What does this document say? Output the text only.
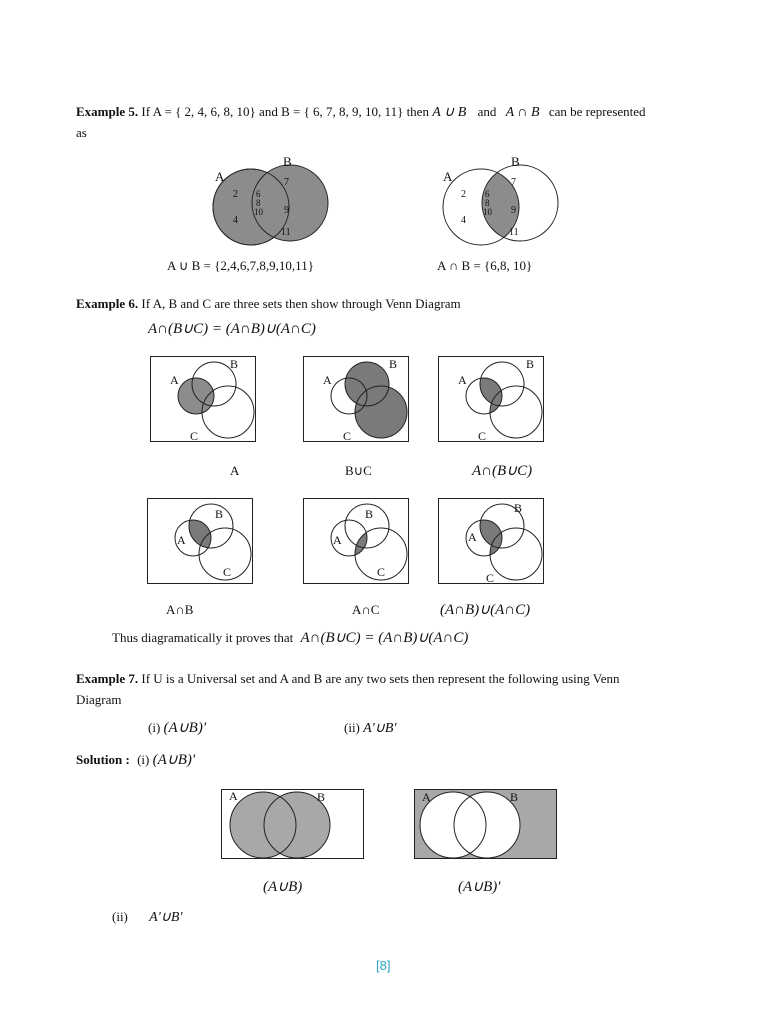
Example 5. If A = { 2, 4, 6, 8, 10} and B = { 6, 7, 8, 9, 10, 11} then A ∪ B and A ∩ B can be represented
as
A
B
2
4
6
8
10
7
9
11
A
B
2
4
6
8
10
7
9
11
A ∪ B = {2,4,6,7,8,9,10,11}	A ∩ B = {6,8, 10}
Example 6. If A, B and C are three sets then show through Venn Diagram
A∩(B∪C) = (A∩B)∪(A∩C)
A
B
C
A
B
C
A
B
C
A	B∪C	A∩(B∪C)
A
B
C
A
B
C
A
B
C
A∩B	A∩C	(A∩B)∪(A∩C)
Thus diagramatically it proves that A∩(B∪C) = (A∩B)∪(A∩C)
Example 7. If U is a Universal set and A and B are any two sets then represent the following using Venn
Diagram
(i) (A∪B)'	(ii) A'∪B'
Solution : (i) (A∪B)'
A	B	A	B
(A∪B)	(A∪B)'
(ii) A'∪B'
[8]
